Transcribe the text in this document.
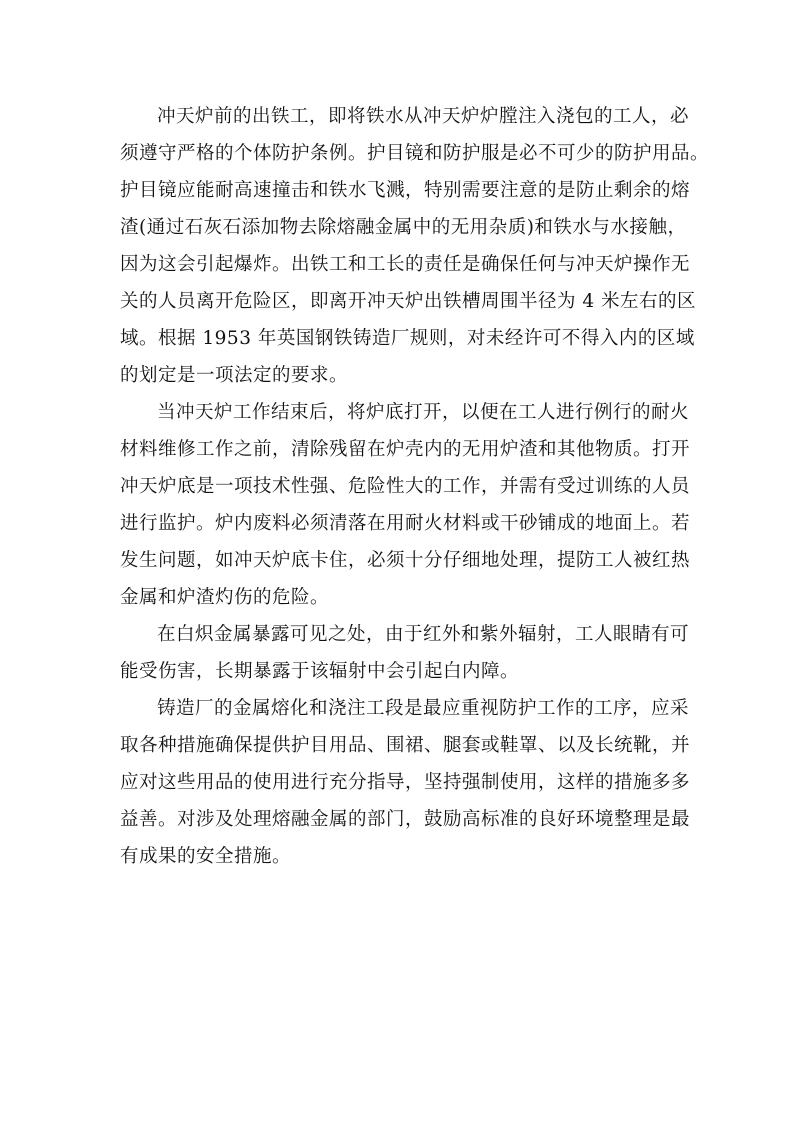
冲天炉前的出铁工，即将铁水从冲天炉炉膛注入浇包的工人，必
须遵守严格的个体防护条例。护目镜和防护服是必不可少的防护用品。
护目镜应能耐高速撞击和铁水飞溅，特别需要注意的是防止剩余的熔
渣(通过石灰石添加物去除熔融金属中的无用杂质)和铁水与水接触，
因为这会引起爆炸。出铁工和工长的责任是确保任何与冲天炉操作无
关的人员离开危险区，即离开冲天炉出铁槽周围半径为 4 米左右的区
域。根据 1953 年英国钢铁铸造厂规则，对未经许可不得入内的区域
的划定是一项法定的要求。
当冲天炉工作结束后，将炉底打开，以便在工人进行例行的耐火
材料维修工作之前，清除残留在炉壳内的无用炉渣和其他物质。打开
冲天炉底是一项技术性强、危险性大的工作，并需有受过训练的人员
进行监护。炉内废料必须清落在用耐火材料或干砂铺成的地面上。若
发生问题，如冲天炉底卡住，必须十分仔细地处理，提防工人被红热
金属和炉渣灼伤的危险。
在白炽金属暴露可见之处，由于红外和紫外辐射，工人眼睛有可
能受伤害，长期暴露于该辐射中会引起白内障。
铸造厂的金属熔化和浇注工段是最应重视防护工作的工序，应采
取各种措施确保提供护目用品、围裙、腿套或鞋罩、以及长统靴，并
应对这些用品的使用进行充分指导，坚持强制使用，这样的措施多多
益善。对涉及处理熔融金属的部门，鼓励高标准的良好环境整理是最
有成果的安全措施。
